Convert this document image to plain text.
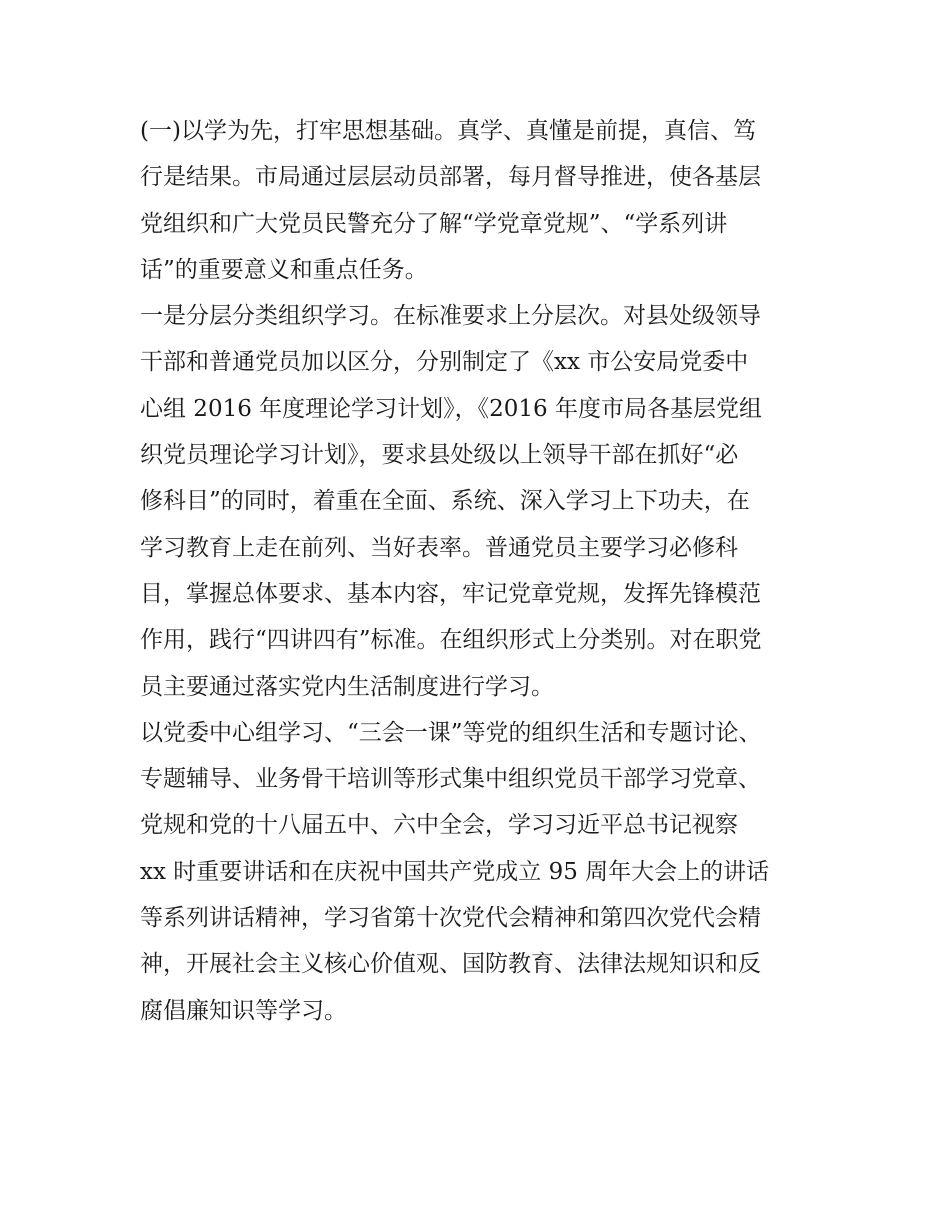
(一)以学为先，打牢思想基础。真学、真懂是前提，真信、笃
行是结果。市局通过层层动员部署，每月督导推进，使各基层
党组织和广大党员民警充分了解“学党章党规”、“学系列讲
话”的重要意义和重点任务。
一是分层分类组织学习。在标准要求上分层次。对县处级领导
干部和普通党员加以区分，分别制定了《xx 市公安局党委中
心组 2016 年度理论学习计划》，《2016 年度市局各基层党组
织党员理论学习计划》，要求县处级以上领导干部在抓好“必
修科目”的同时，着重在全面、系统、深入学习上下功夫，在
学习教育上走在前列、当好表率。普通党员主要学习必修科
目，掌握总体要求、基本内容，牢记党章党规，发挥先锋模范
作用，践行“四讲四有”标准。在组织形式上分类别。对在职党
员主要通过落实党内生活制度进行学习。
以党委中心组学习、“三会一课”等党的组织生活和专题讨论、
专题辅导、业务骨干培训等形式集中组织党员干部学习党章、
党规和党的十八届五中、六中全会，学习习近平总书记视察
xx 时重要讲话和在庆祝中国共产党成立 95 周年大会上的讲话
等系列讲话精神，学习省第十次党代会精神和第四次党代会精
神，开展社会主义核心价值观、国防教育、法律法规知识和反
腐倡廉知识等学习。
